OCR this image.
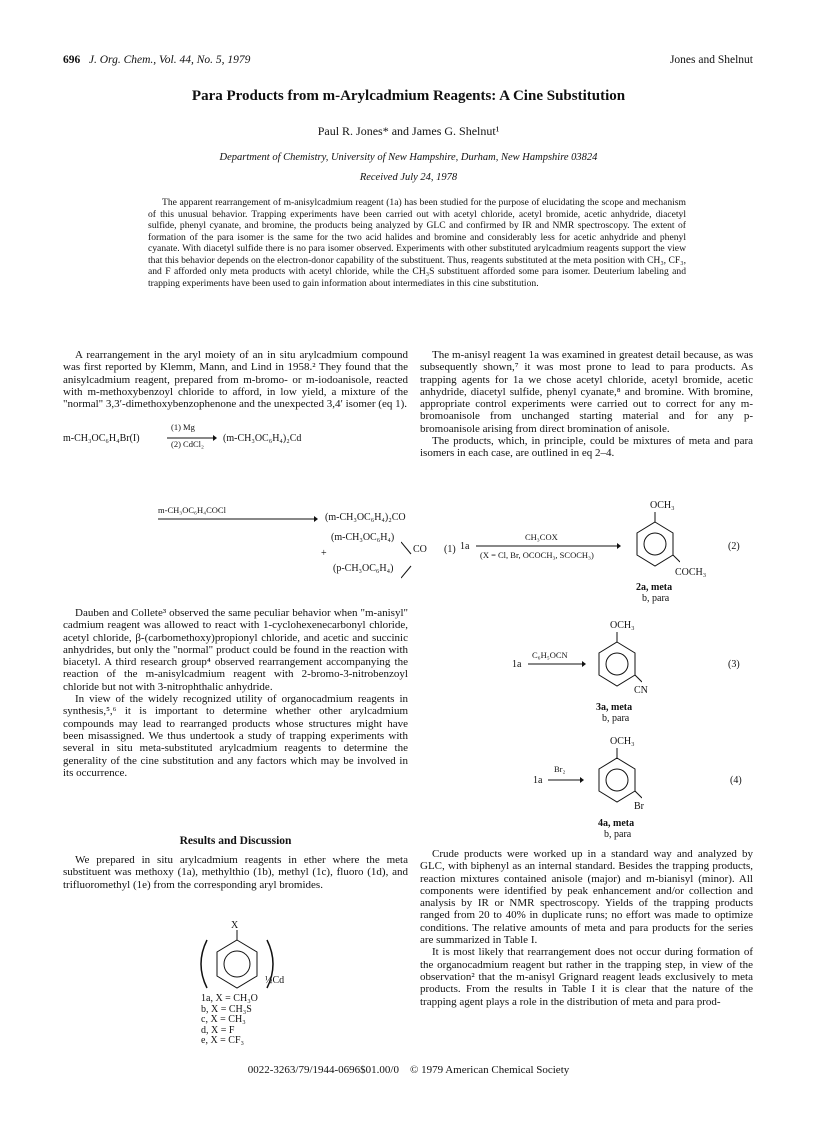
696 J. Org. Chem., Vol. 44, No. 5, 1979	Jones and Shelnut
Para Products from m-Arylcadmium Reagents: A Cine Substitution
Paul R. Jones* and James G. Shelnut¹
Department of Chemistry, University of New Hampshire, Durham, New Hampshire 03824
Received July 24, 1978
The apparent rearrangement of m-anisylcadmium reagent (1a) has been studied for the purpose of elucidating the scope and mechanism of this unusual behavior. Trapping experiments have been carried out with acetyl chloride, acetyl bromide, acetic anhydride, diacetyl sulfide, phenyl cyanate, and bromine, the products being analyzed by GLC and confirmed by IR and NMR spectroscopy. The extent of formation of the para isomer is the same for the two acid halides and bromine and considerably less for acetic anhydride and phenyl cyanate. With diacetyl sulfide there is no para isomer observed. Experiments with other substituted arylcadmium reagents support the view that this behavior depends on the electron-donor capability of the substituent. Thus, reagents substituted at the meta position with CH₃, CF₃, and F afforded only meta products with acetyl chloride, while the CH₃S substituent afforded some para isomer. Deuterium labeling and trapping experiments have been used to gain information about intermediates in this cine substitution.

A rearrangement in the aryl moiety of an in situ arylcadmium compound was first reported by Klemm, Mann, and Lind in 1958.² They found that the anisylcadmium reagent, prepared from m-bromo- or m-iodoanisole, reacted with m-methoxybenzoyl chloride to afford, in low yield, a mixture of the "normal" 3,3′-dimethoxybenzophenone and the unexpected 3,4′ isomer (eq 1).

m-CH₃OC₆H₄Br(I)
(1) Mg
(2) CdCl₂ (m-CH₃OC₆H₄)₂Cd
m-CH₃OC₆H₄COCl
(m-CH₃OC₆H₄)₂CO
(m-CH₃OC₆H₄)
+	CO (1)
(p-CH₃OC₆H₄)

Dauben and Collete³ observed the same peculiar behavior when "m-anisyl" cadmium reagent was allowed to react with 1-cyclohexenecarbonyl chloride, acetyl chloride, β-(carbomethoxy)propionyl chloride, and acetic and succinic anhydrides, but only the "normal" product could be found in the reaction with biacetyl. A third research group⁴ observed rearrangement accompanying the reaction of the m-anisylcadmium reagent with 2-bromo-3-nitrobenzoyl chloride but not with 3-nitrophthalic anhydride.

In view of the widely recognized utility of organocadmium reagents in synthesis,⁵,⁶ it is important to determine whether other arylcadmium compounds may lead to rearranged products whose structures might have been misassigned. We thus undertook a study of trapping experiments with several in situ meta-substituted arylcadmium reagents to determine the generality of the cine substitution and any factors which may be involved in its occurrence.

Results and Discussion

We prepared in situ arylcadmium reagents in ether where the meta substituent was methoxy (1a), methylthio (1b), methyl (1c), fluoro (1d), and trifluoromethyl (1e) from the corresponding aryl bromides.

X
½Cd
1a, X = CH₃O
b, X = CH₃S
c, X = CH₃
d, X = F
e, X = CF₃

The m-anisyl reagent 1a was examined in greatest detail because, as was subsequently shown,⁷ it was most prone to lead to para products. As trapping agents for 1a we chose acetyl chloride, acetyl bromide, acetic anhydride, diacetyl sulfide, phenyl cyanate,⁸ and bromine. With bromine, appropriate control experiments were carried out to correct for any m-bromoanisole from unchanged starting material and for any p-bromoanisole arising from direct bromination of anisole.

The products, which, in principle, could be mixtures of meta and para isomers in each case, are outlined in eq 2–4.

1a
CH₃COX
(X = Cl, Br, OCOCH₃, SCOCH₃)
OCH₃
COCH₃
(2)
2a, meta
b, para
1a
C₆H₅OCN
OCH₃
CN
(3)
3a, meta
b, para
1a
Br₂
OCH₃
Br
(4)
4a, meta
b, para

Crude products were worked up in a standard way and analyzed by GLC, with biphenyl as an internal standard. Besides the trapping products, reaction mixtures contained anisole (major) and m-bianisyl (minor). All components were identified by peak enhancement and/or collection and analysis by IR or NMR spectroscopy. Yields of the trapping products ranged from 20 to 40% in duplicate runs; no effort was made to optimize conditions. The relative amounts of meta and para products for the series are summarized in Table I.

It is most likely that rearrangement does not occur during formation of the organocadmium reagent but rather in the trapping step, in view of the observation² that the m-anisyl Grignard reagent leads exclusively to meta products. From the results in Table I it is clear that the nature of the trapping agent plays a role in the distribution of meta and para prod-

0022-3263/79/1944-0696$01.00/0 © 1979 American Chemical Society
